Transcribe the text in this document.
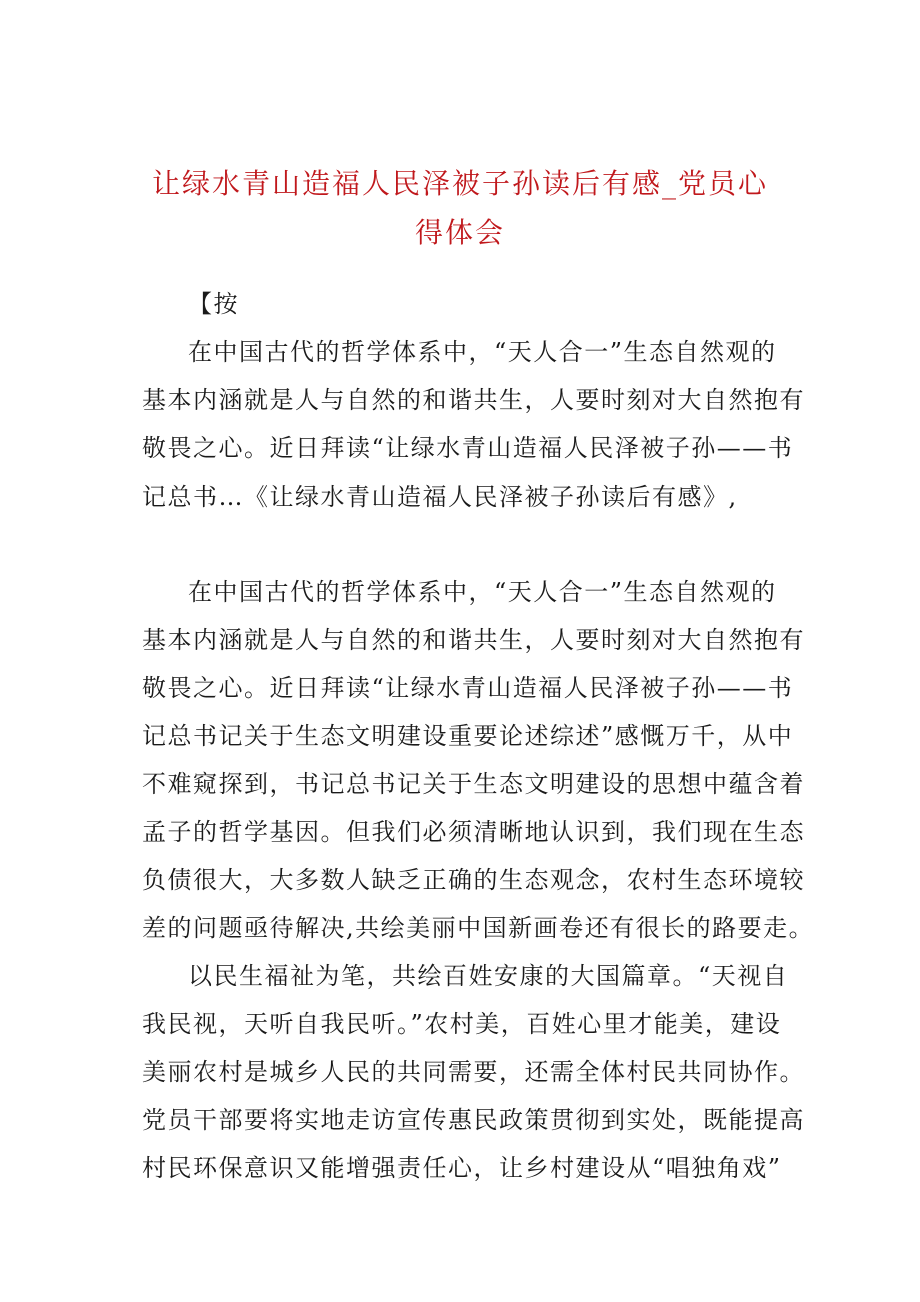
让绿水青山造福人民泽被子孙读后有感_党员心
得体会
【按
在中国古代的哲学体系中，“天人合一”生态自然观的
基本内涵就是人与自然的和谐共生，人要时刻对大自然抱有
敬畏之心。近日拜读“让绿水青山造福人民泽被子孙——书
记总书…《让绿水青山造福人民泽被子孙读后有感》,
在中国古代的哲学体系中，“天人合一”生态自然观的
基本内涵就是人与自然的和谐共生，人要时刻对大自然抱有
敬畏之心。近日拜读“让绿水青山造福人民泽被子孙——书
记总书记关于生态文明建设重要论述综述”感慨万千，从中
不难窥探到，书记总书记关于生态文明建设的思想中蕴含着
孟子的哲学基因。但我们必须清晰地认识到，我们现在生态
负债很大，大多数人缺乏正确的生态观念，农村生态环境较
差的问题亟待解决,共绘美丽中国新画卷还有很长的路要走。
以民生福祉为笔，共绘百姓安康的大国篇章。“天视自
我民视，天听自我民听。”农村美，百姓心里才能美，建设
美丽农村是城乡人民的共同需要，还需全体村民共同协作。
党员干部要将实地走访宣传惠民政策贯彻到实处，既能提高
村民环保意识又能增强责任心，让乡村建设从“唱独角戏”
